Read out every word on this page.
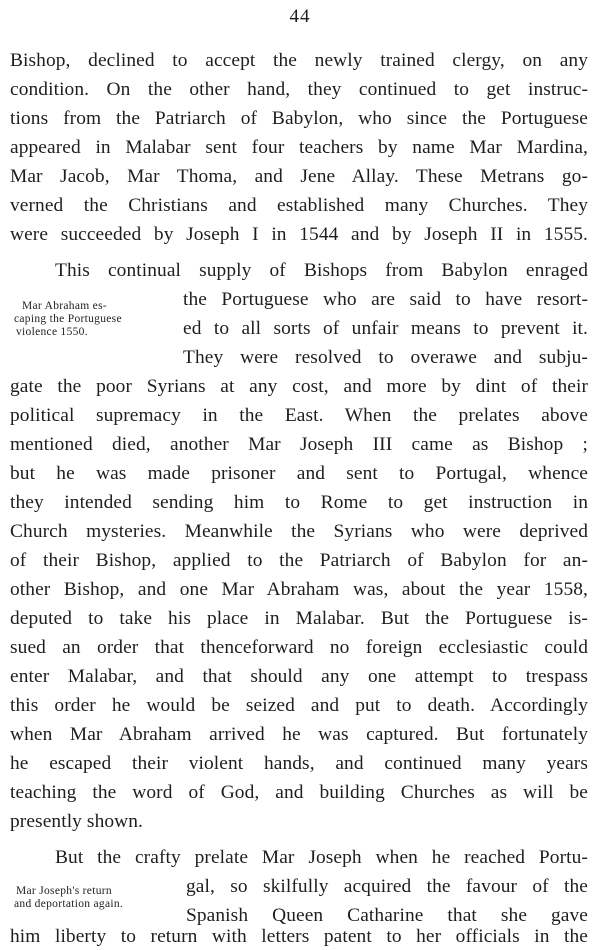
44
Bishop, declined to accept the newly trained clergy, on any
condition. On the other hand, they continued to get instruc-
tions from the Patriarch of Babylon, who since the Portuguese
appeared in Malabar sent four teachers by name Mar Mardina,
Mar Jacob, Mar Thoma, and Jene Allay. These Metrans go-
verned the Christians and established many Churches. They
were succeeded by Joseph I in 1544 and by Joseph II in 1555.
This continual supply of Bishops from Babylon enraged
Mar Abraham es-
caping the Portuguese
violence 1550.
the Portuguese who are said to have resort-
ed to all sorts of unfair means to prevent it.
They were resolved to overawe and subju-
gate the poor Syrians at any cost, and more by dint of their
political supremacy in the East. When the prelates above
mentioned died, another Mar Joseph III came as Bishop ;
but he was made prisoner and sent to Portugal, whence
they intended sending him to Rome to get instruction in
Church mysteries. Meanwhile the Syrians who were deprived
of their Bishop, applied to the Patriarch of Babylon for an-
other Bishop, and one Mar Abraham was, about the year 1558,
deputed to take his place in Malabar. But the Portuguese is-
sued an order that thenceforward no foreign ecclesiastic could
enter Malabar, and that should any one attempt to trespass
this order he would be seized and put to death. Accordingly
when Mar Abraham arrived he was captured. But fortunately
he escaped their violent hands, and continued many years
teaching the word of God, and building Churches as will be
presently shown.
But the crafty prelate Mar Joseph when he reached Portu-
Mar Joseph's return
and deportation again.
gal, so skilfully acquired the favour of the
Spanish Queen Catharine that she gave
him liberty to return with letters patent to her officials in the
